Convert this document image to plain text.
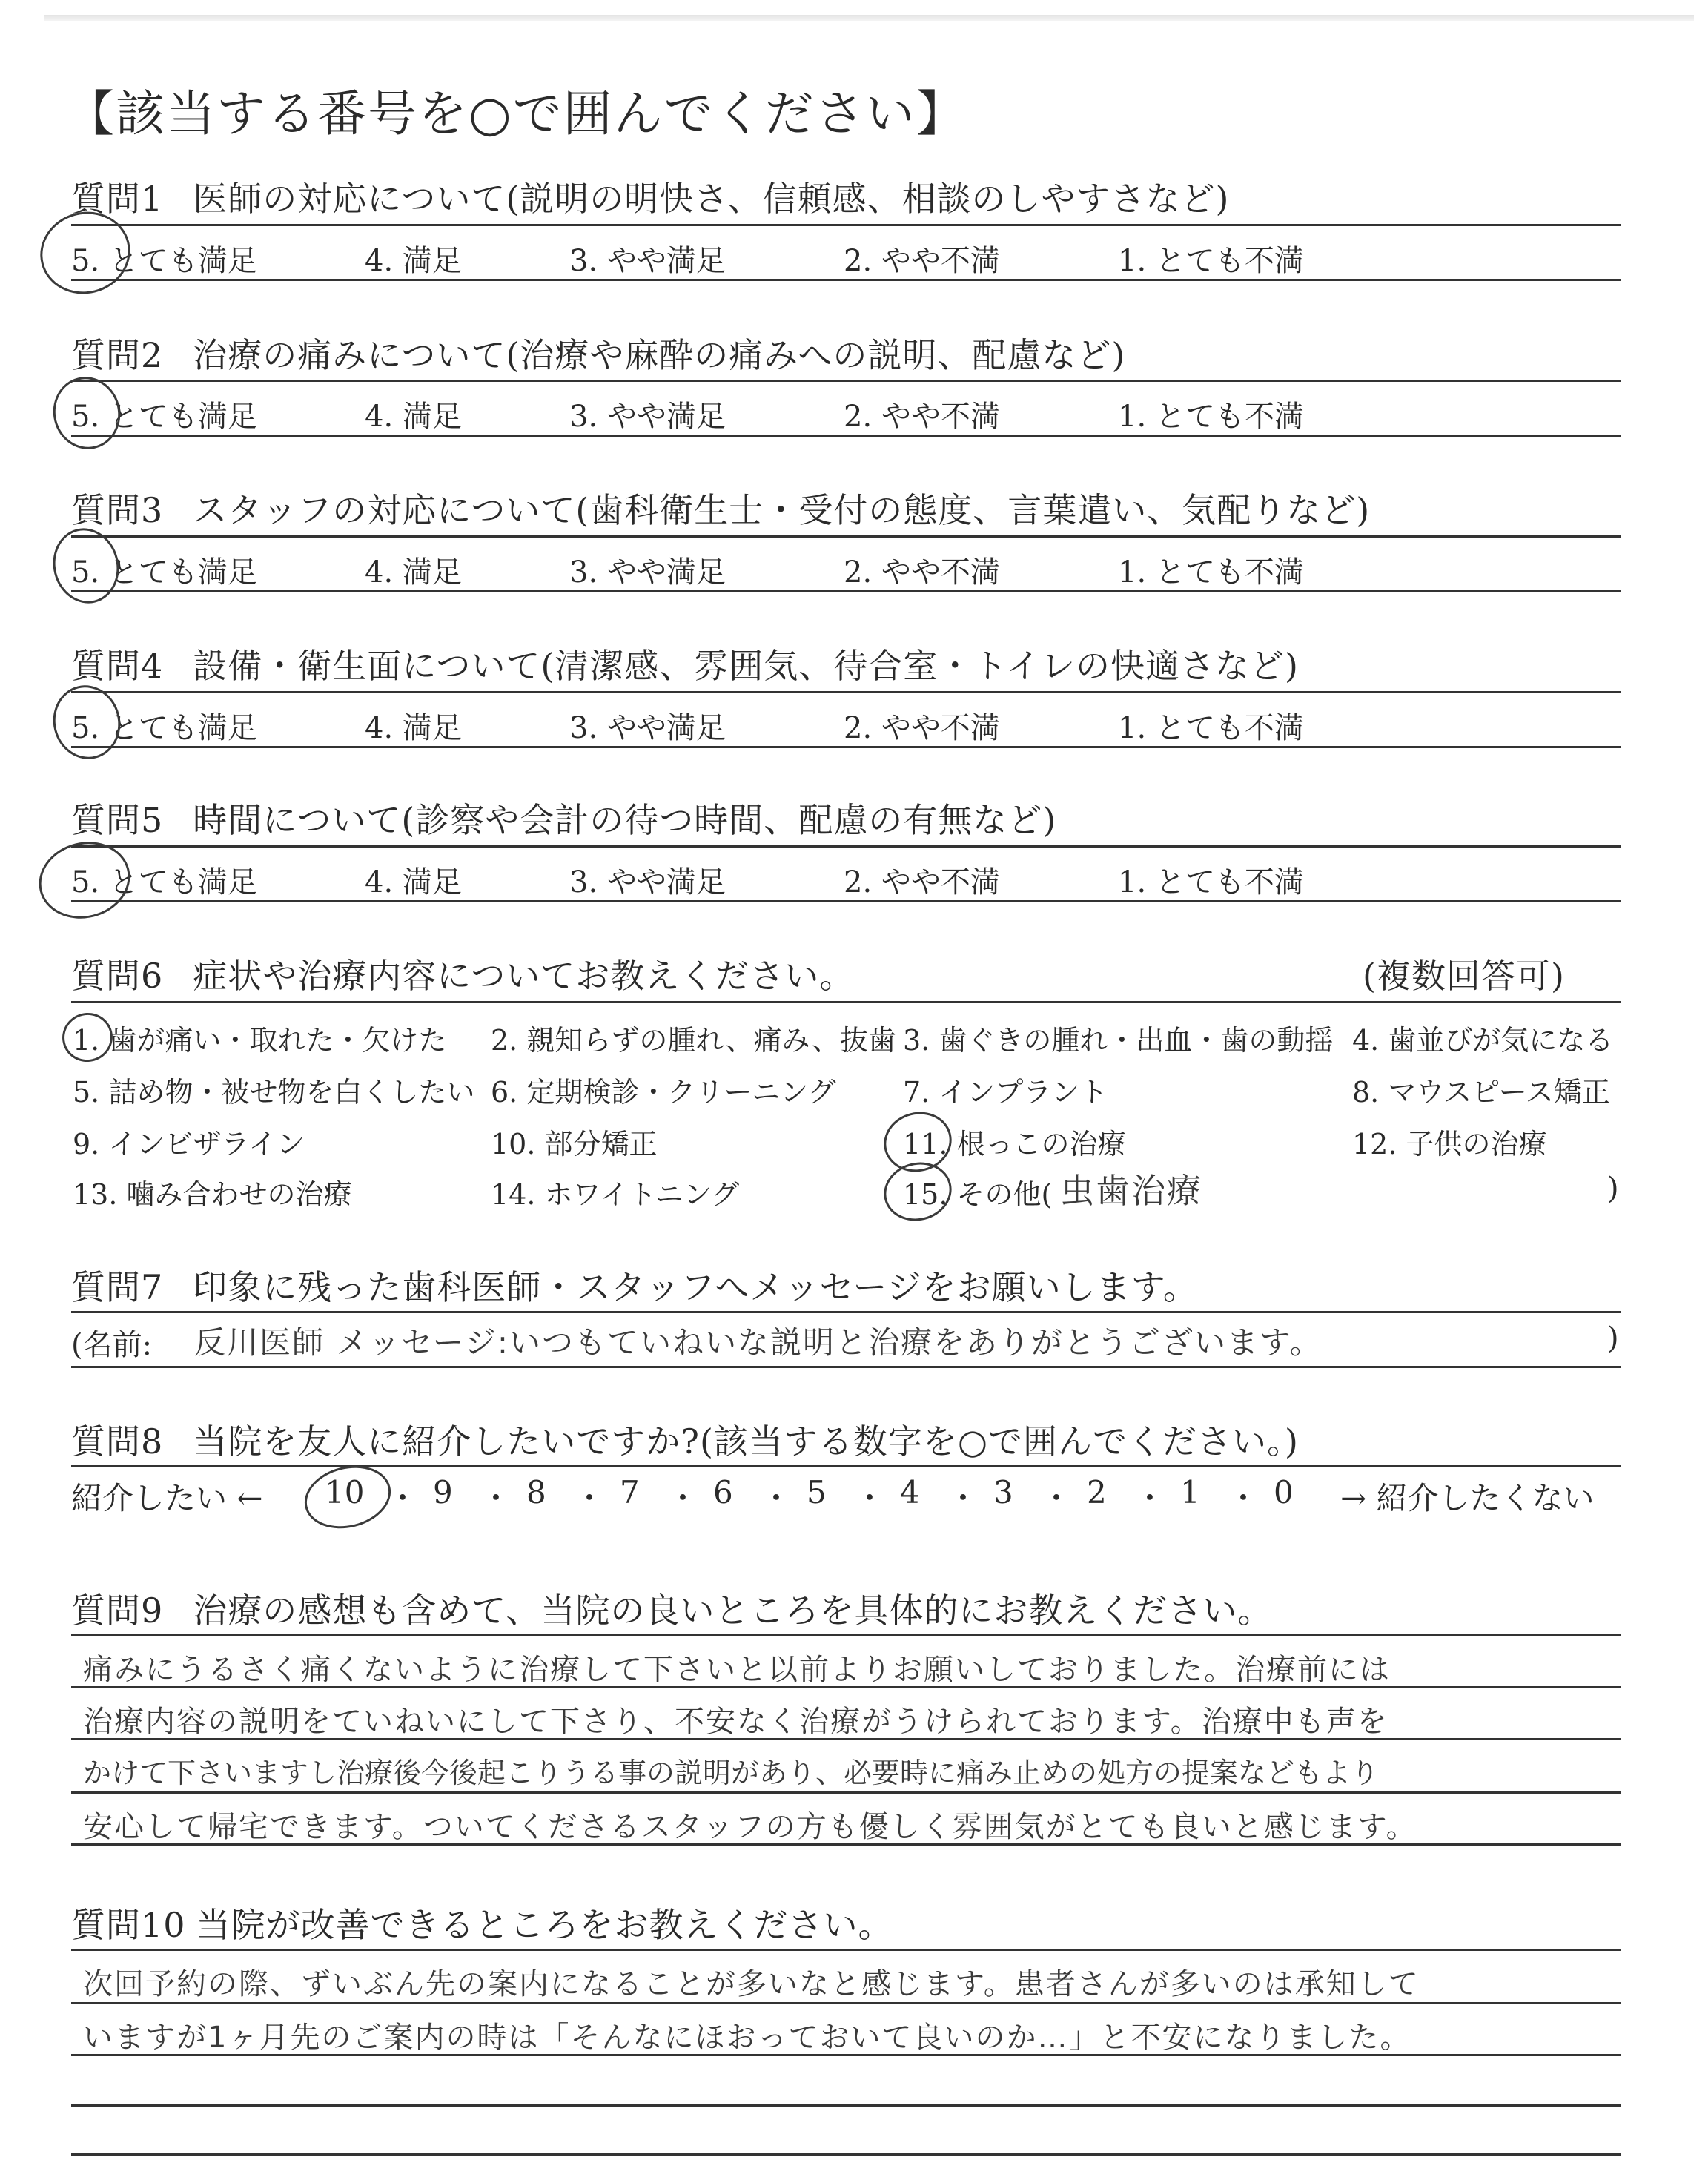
【該当する番号を○で囲んでください】
質問1 医師の対応について(説明の明快さ、信頼感、相談のしやすさなど)
5. とても満足	4. 満足	3. やや満足	2. やや不満	1. とても不満
質問2 治療の痛みについて(治療や麻酔の痛みへの説明、配慮など)
5. とても満足	4. 満足	3. やや満足	2. やや不満	1. とても不満
質問3 スタッフの対応について(歯科衛生士・受付の態度、言葉遣い、気配りなど)
5. とても満足	4. 満足	3. やや満足	2. やや不満	1. とても不満
質問4 設備・衛生面について(清潔感、雰囲気、待合室・トイレの快適さなど)
5. とても満足	4. 満足	3. やや満足	2. やや不満	1. とても不満
質問5 時間について(診察や会計の待つ時間、配慮の有無など)
5. とても満足	4. 満足	3. やや満足	2. やや不満	1. とても不満
質問6 症状や治療内容についてお教えください。	(複数回答可)
1. 歯が痛い・取れた・欠けた 2. 親知らずの腫れ、痛み、抜歯 3. 歯ぐきの腫れ・出血・歯の動揺 4. 歯並びが気になる
5. 詰め物・被せ物を白くしたい 6. 定期検診・クリーニング 7. インプラント	8. マウスピース矯正
9. インビザライン	10. 部分矯正	11. 根っこの治療	12. 子供の治療
13. 噛み合わせの治療	14. ホワイトニング	15. その他( 虫歯治療	)
質問7 印象に残った歯科医師・スタッフへメッセージをお願いします。
(名前: 反川医師 メッセージ:いつもていねいな説明と治療をありがとうございます。	)
質問8 当院を友人に紹介したいですか?(該当する数字を○で囲んでください。)
紹介したい ← 10 ・ 9 ・ 8 ・ 7 ・ 6 ・ 5 ・ 4 ・ 3 ・ 2 ・ 1 ・ 0 → 紹介したくない
質問9 治療の感想も含めて、当院の良いところを具体的にお教えください。
痛みにうるさく痛くないように治療して下さいと以前よりお願いしておりました。治療前には
治療内容の説明をていねいにして下さり、不安なく治療がうけられております。治療中も声を
かけて下さいますし治療後今後起こりうる事の説明があり、必要時に痛み止めの処方の提案などもより
安心して帰宅できます。ついてくださるスタッフの方も優しく雰囲気がとても良いと感じます。
質問10 当院が改善できるところをお教えください。
次回予約の際、ずいぶん先の案内になることが多いなと感じます。患者さんが多いのは承知して
いますが1ヶ月先のご案内の時は「そんなにほおっておいて良いのか…」と不安になりました。
